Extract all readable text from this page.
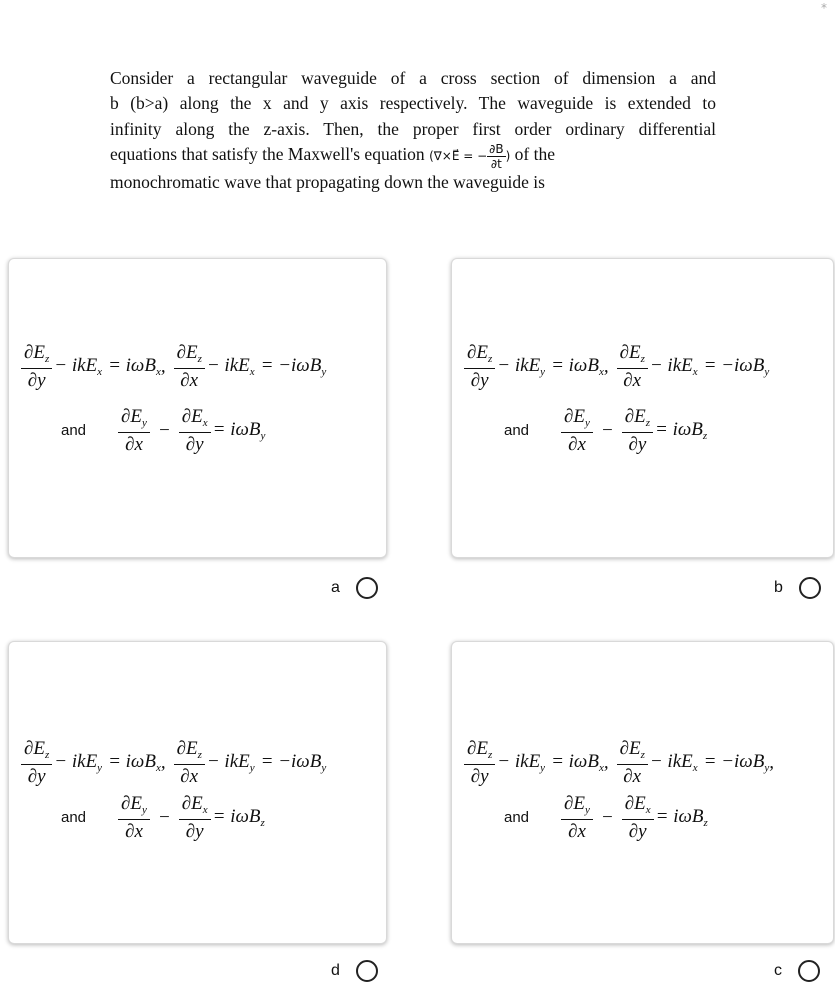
*
Consider a rectangular waveguide of a cross section of dimension a and
b (b>a) along the x and y axis respectively. The waveguide is extended to
infinity along the z-axis. Then, the proper first order ordinary differential
equations that satisfy the Maxwell's equation (∇×E⃗ = − $\frac{\partial B}{\partial t}$ ) of the
monochromatic wave that propagating down the waveguide is
$\frac{\partial E_z}{\partial y} - ikE_x = i\omega B_x$ , $\frac{\partial E_z}{\partial x} - ikE_x = -i\omega B_y$
and $\frac{\partial E_y}{\partial x} - \frac{\partial E_x}{\partial y} = i\omega B_y$
$\frac{\partial E_z}{\partial y} - ikE_y = i\omega B_x$ , $\frac{\partial E_z}{\partial x} - ikE_x = -i\omega B_y$
and $\frac{\partial E_y}{\partial x} - \frac{\partial E_z}{\partial y} = i\omega B_z$
$\frac{\partial E_z}{\partial y} - ikE_y = i\omega B_x$ , $\frac{\partial E_z}{\partial x} - ikE_y = -i\omega B_y$
and $\frac{\partial E_y}{\partial x} - \frac{\partial E_x}{\partial y} = i\omega B_z$
$\frac{\partial E_z}{\partial y} - ikE_y = i\omega B_x$ , $\frac{\partial E_z}{\partial x} - ikE_x = -i\omega B_y$ ,
and $\frac{\partial E_y}{\partial x} - \frac{\partial E_x}{\partial y} = i\omega B_z$
a	b
d	c
